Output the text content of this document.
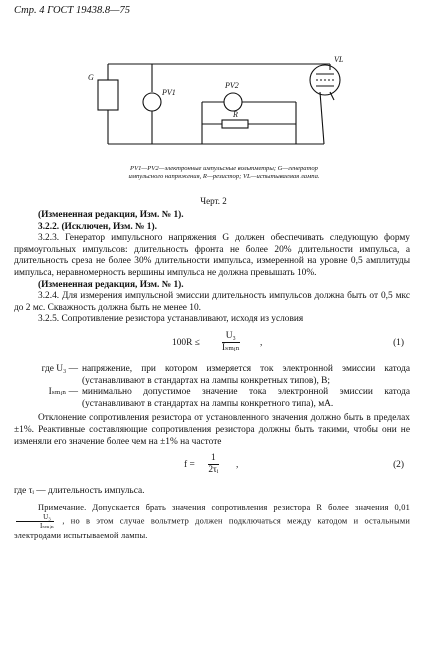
Стр. 4 ГОСТ 19438.8—75
G
PV1
PV2
R
VL
PV1—PV2—электронные импульсные вольтметры; G—генератор импульсного напряжения, R—резистор; VL—испытываемая лампа.
Черт. 2

(Измененная редакция, Изм. № 1).

3.2.2. (Исключен, Изм. № 1).

3.2.3. Генератор импульсного напряжения G должен обеспечивать следующую форму прямоугольных импульсов: длительность фронта не более 20% длительности импульса, а длительность среза не более 30% длительности импульса, измеренной на уровне 0,5 амплитуды импульса, неравномерность вершины импульса не должна превышать 10%.

(Измененная редакция, Изм. № 1).

3.2.4. Для измерения импульсной эмиссии длительность импульсов должна быть от 0,5 мкс до 2 мс. Скважность должна быть не менее 10.

3.2.5. Сопротивление резистора устанавливают, исходя из условия

100R ≤
U₃
Iₛₘᵢₙ ,	(1)
где U₃ — напряжение, при котором измеряется ток электронной эмиссии катода (устанавливают в стандартах на лампы конкретных типов), В;
Iₛₘᵢₙ — минимально допустимое значение тока электронной эмиссии катода (устанавливают в стандартах на лампы конкретного типа), мА.

Отклонение сопротивления резистора от установленного значения должно быть в пределах ±1%. Реактивные составляющие сопротивления резистора должны быть такими, чтобы они не изменяли его значение более чем на ±1% на частоте

$f = \frac{1}{\text{2τᵢ}}$ ,	(2)

где τᵢ — длительность импульса.

Примечание. Допускается брать значения сопротивления резистора R более значения 0,01
U₃
Iₛₘᵢₙ
, но в этом случае вольтметр должен подключаться между катодом и остальными электродами испытываемой лампы.
